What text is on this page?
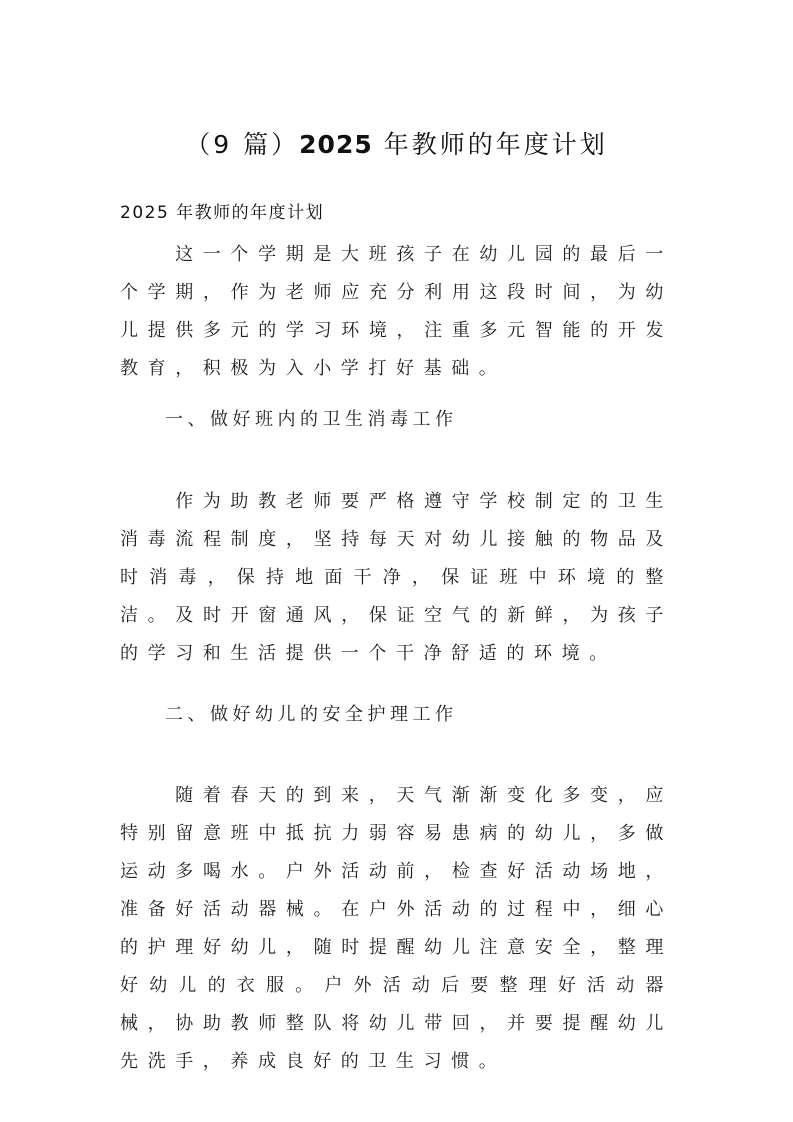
（9 篇）2025 年教师的年度计划
2025 年教师的年度计划
这一个学期是大班孩子在幼儿园的最后一个学期，作为老师应充分利用这段时间，为幼儿提供多元的学习环境，注重多元智能的开发教育，积极为入小学打好基础。
一、做好班内的卫生消毒工作
作为助教老师要严格遵守学校制定的卫生消毒流程制度，坚持每天对幼儿接触的物品及时消毒，保持地面干净，保证班中环境的整洁。及时开窗通风，保证空气的新鲜，为孩子的学习和生活提供一个干净舒适的环境。
二、做好幼儿的安全护理工作
随着春天的到来，天气渐渐变化多变，应特别留意班中抵抗力弱容易患病的幼儿，多做运动多喝水。户外活动前，检查好活动场地，准备好活动器械。在户外活动的过程中，细心的护理好幼儿，随时提醒幼儿注意安全，整理好幼儿的衣服。户外活动后要整理好活动器械，协助教师整队将幼儿带回，并要提醒幼儿先洗手，养成良好的卫生习惯。
